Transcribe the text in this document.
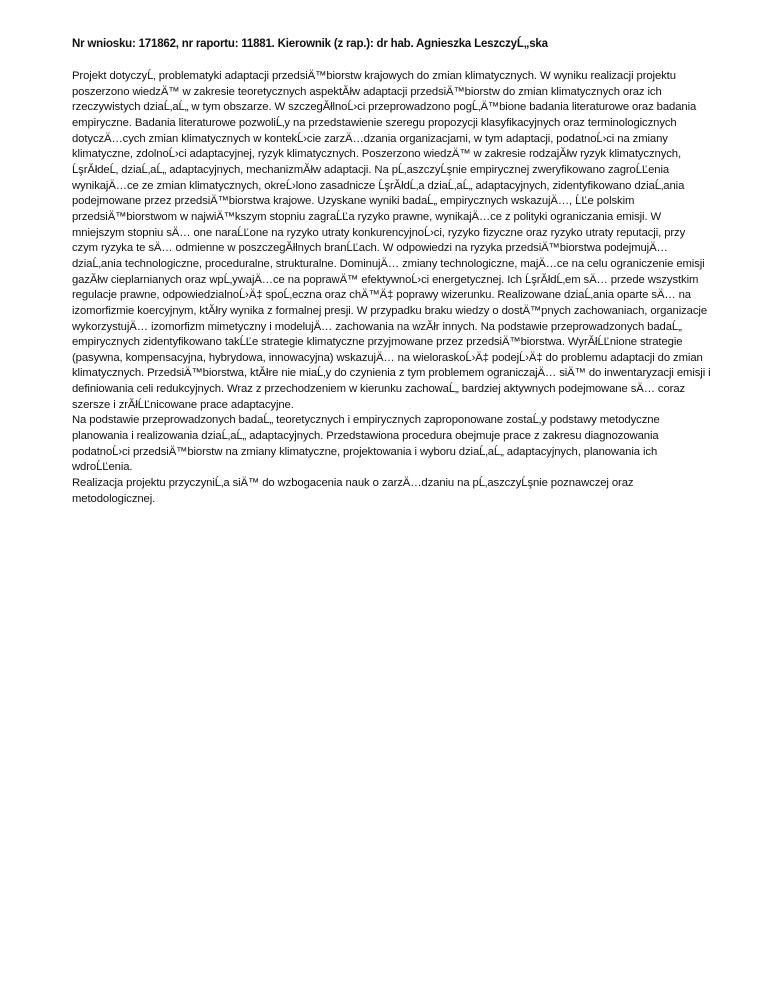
Nr wniosku: 171862, nr raportu: 11881. Kierownik (z rap.): dr hab. Agnieszka LeszczyĹ„ska

Projekt dotyczyĹ‚ problematyki adaptacji przedsiÄ™biorstw krajowych do zmian klimatycznych. W wyniku realizacji projektu poszerzono wiedzÄ™ w zakresie teoretycznych aspektĂłw adaptacji przedsiÄ™biorstw do zmian klimatycznych oraz ich rzeczywistych dziaĹ‚aĹ„ w tym obszarze. W szczegĂłlnoĹ›ci przeprowadzono pogĹ‚Ä™bione badania literaturowe oraz badania empiryczne. Badania literaturowe pozwoliĹ‚y na przedstawienie szeregu propozycji klasyfikacyjnych oraz terminologicznych dotyczÄ…cych zmian klimatycznych w kontekĹ›cie zarzÄ…dzania organizacjami, w tym adaptacji, podatnoĹ›ci na zmiany klimatyczne, zdolnoĹ›ci adaptacyjnej, ryzyk klimatycznych. Poszerzono wiedzÄ™ w zakresie rodzajĂłw ryzyk klimatycznych, ĹşrĂłdeĹ‚ dziaĹ‚aĹ„ adaptacyjnych, mechanizmĂłw adaptacji. Na pĹ‚aszczyĹşnie empirycznej zweryfikowano zagroĹĽenia wynikajÄ…ce ze zmian klimatycznych, okreĹ›lono zasadnicze ĹşrĂłdĹ‚a dziaĹ‚aĹ„ adaptacyjnych, zidentyfikowano dziaĹ‚ania podejmowane przez przedsiÄ™biorstwa krajowe. Uzyskane wyniki badaĹ„ empirycznych wskazujÄ…, ĹĽe polskim przedsiÄ™biorstwom w najwiÄ™kszym stopniu zagraĹĽa ryzyko prawne, wynikajÄ…ce z polityki ograniczania emisji. W mniejszym stopniu sÄ… one naraĹĽone na ryzyko utraty konkurencyjnoĹ›ci, ryzyko fizyczne oraz ryzyko utraty reputacji, przy czym ryzyka te sÄ… odmienne w poszczegĂłlnych branĹĽach. W odpowiedzi na ryzyka przedsiÄ™biorstwa podejmujÄ… dziaĹ‚ania technologiczne, proceduralne, strukturalne. DominujÄ… zmiany technologiczne, majÄ…ce na celu ograniczenie emisji gazĂłw cieplarnianych oraz wpĹ‚ywajÄ…ce na poprawÄ™ efektywnoĹ›ci energetycznej. Ich ĹşrĂłdĹ‚em sÄ… przede wszystkim regulacje prawne, odpowiedzialnoĹ›Ä‡ spoĹ‚eczna oraz chÄ™Ä‡ poprawy wizerunku. Realizowane dziaĹ‚ania oparte sÄ… na izomorfizmie koercyjnym, ktĂłry wynika z formalnej presji. W przypadku braku wiedzy o dostÄ™pnych zachowaniach, organizacje wykorzystujÄ… izomorfizm mimetyczny i modelujÄ… zachowania na wzĂłr innych. Na podstawie przeprowadzonych badaĹ„ empirycznych zidentyfikowano takĹĽe strategie klimatyczne przyjmowane przez przedsiÄ™biorstwa. WyrĂłĹĽnione strategie (pasywna, kompensacyjna, hybrydowa, innowacyjna) wskazujÄ… na wieloraskoĹ›Ä‡ podejĹ›Ä‡ do problemu adaptacji do zmian klimatycznych. PrzedsiÄ™biorstwa, ktĂłre nie miaĹ‚y do czynienia z tym problemem ograniczajÄ… siÄ™ do inwentaryzacji emisji i definiowania celi redukcyjnych. Wraz z przechodzeniem w kierunku zachowaĹ„ bardziej aktywnych podejmowane sÄ… coraz szersze i zrĂłĹĽnicowane prace adaptacyjne.

Na podstawie przeprowadzonych badaĹ„ teoretycznych i empirycznych zaproponowane zostaĹ‚y podstawy metodyczne planowania i realizowania dziaĹ‚aĹ„ adaptacyjnych. Przedstawiona procedura obejmuje prace z zakresu diagnozowania podatnoĹ›ci przedsiÄ™biorstw na zmiany klimatyczne, projektowania i wyboru dziaĹ‚aĹ„ adaptacyjnych, planowania ich wdroĹĽenia.

Realizacja projektu przyczyniĹ‚a siÄ™ do wzbogacenia nauk o zarzÄ…dzaniu na pĹ‚aszczyĹşnie poznawczej oraz metodologicznej.
